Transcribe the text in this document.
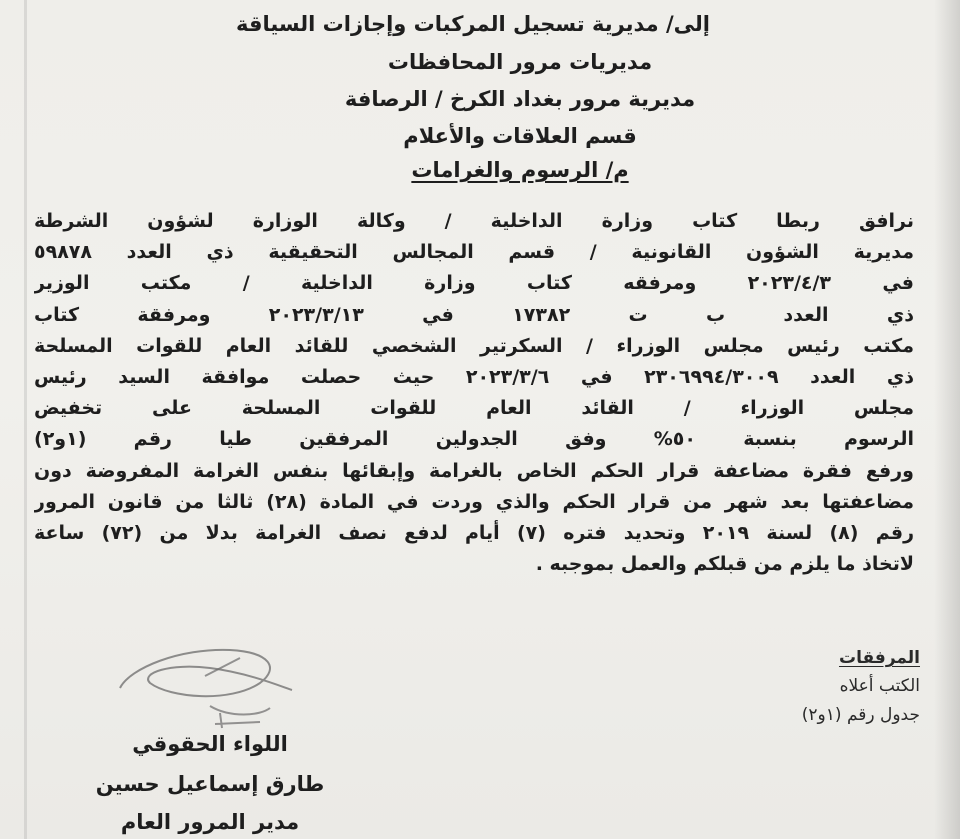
إلى/ مديرية تسجيل المركبات وإجازات السياقة
مديريات مرور المحافظات
مديرية مرور بغداد الكرخ / الرصافة
قسم العلاقات والأعلام
م/ الرسوم والغرامات
نرافق ربطا كتاب وزارة الداخلية / وكالة الوزارة لشؤون الشرطة
مديرية الشؤون القانونية / قسم المجالس التحقيقية ذي العدد ٥٩٨٧٨
في ٢٠٢٣/٤/٣ ومرفقه كتاب وزارة الداخلية / مكتب الوزير
ذي العدد ب ت ١٧٣٨٢ في ٢٠٢٣/٣/١٣ ومرفقة كتاب
مكتب رئيس مجلس الوزراء / السكرتير الشخصي للقائد العام للقوات المسلحة
ذي العدد ٢٣٠٦٩٩٤/٣٠٠٩ في ٢٠٢٣/٣/٦ حيث حصلت موافقة السيد رئيس
مجلس الوزراء / القائد العام للقوات المسلحة على تخفيض
الرسوم بنسبة ٥٠% وفق الجدولين المرفقين طيا رقم (١و٢)
ورفع فقرة مضاعفة قرار الحكم الخاص بالغرامة وإبقائها بنفس الغرامة المفروضة دون
مضاعفتها بعد شهر من قرار الحكم والذي وردت في المادة (٢٨) ثالثا من قانون المرور
رقم (٨) لسنة ٢٠١٩ وتحديد فتره (٧) أيام لدفع نصف الغرامة بدلا من (٧٢) ساعة
لاتخاذ ما يلزم من قبلكم والعمل بموجبه .
المرفقات
الكتب أعلاه
جدول رقم (١و٢)
اللواء الحقوقي
طارق إسماعيل حسين
مدير المرور العام
